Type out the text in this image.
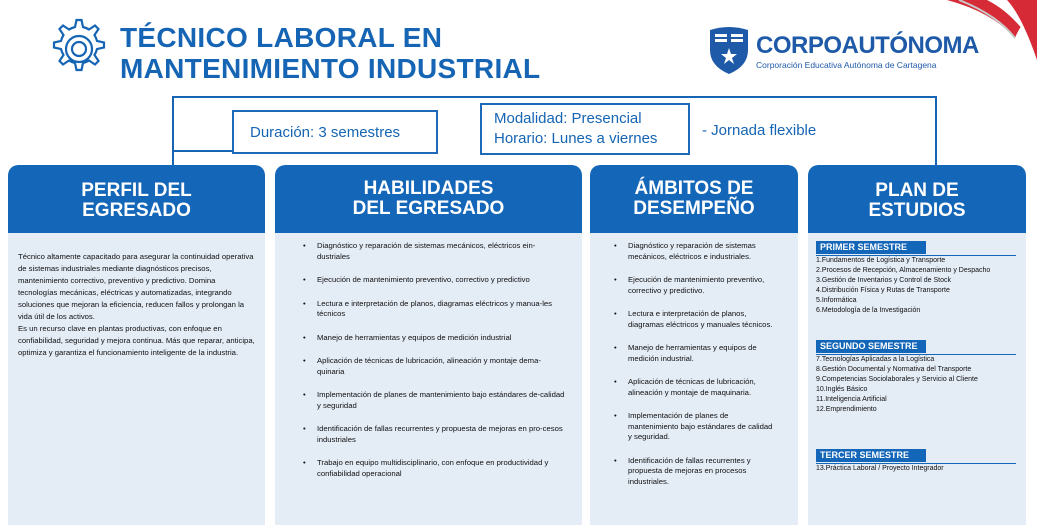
TÉCNICO LABORAL EN
MANTENIMIENTO INDUSTRIAL
CORPOAUTÓNOMA
Corporación Educativa Autónoma de Cartagena
Duración: 3 semestres
Modalidad: Presencial
Horario: Lunes a viernes	- Jornada flexible
PERFIL DEL
EGRESADO
Técnico altamente capacitado para asegurar la continuidad operativa de sistemas industriales mediante diagnósticos precisos, mantenimiento correctivo, preventivo y predictivo. Domina tecnologías mecánicas, eléctricas y automatizadas, integrando soluciones que mejoran la eficiencia, reducen fallos y prolongan la vida útil de los activos.
Es un recurso clave en plantas productivas, con enfoque en confiabilidad, seguridad y mejora continua. Más que reparar, anticipa, optimiza y garantiza el funcionamiento inteligente de la industria.
HABILIDADES
DEL EGRESADO
• Diagnóstico y reparación de sistemas mecánicos, eléctricos ein-dustriales
• Ejecución de mantenimiento preventivo, correctivo y predictivo
• Lectura e interpretación de planos, diagramas eléctricos y manua-les técnicos
• Manejo de herramientas y equipos de medición industrial
• Aplicación de técnicas de lubricación, alineación y montaje dema-quinaria
• Implementación de planes de mantenimiento bajo estándares de-calidad y seguridad
• Identificación de fallas recurrentes y propuesta de mejoras en pro-cesos industriales
• Trabajo en equipo multidisciplinario, con enfoque en productividad y confiabilidad operacional
ÁMBITOS DE
DESEMPEÑO
• Diagnóstico y reparación de sistemas mecánicos, eléctricos e industriales.
• Ejecución de mantenimiento preventivo, correctivo y predictivo.
• Lectura e interpretación de planos, diagramas eléctricos y manuales técnicos.
• Manejo de herramientas y equipos de medición industrial.
• Aplicación de técnicas de lubricación, alineación y montaje de maquinaria.
• Implementación de planes de mantenimiento bajo estándares de calidad y seguridad.
• Identificación de fallas recurrentes y propuesta de mejoras en procesos industriales.
PLAN DE
ESTUDIOS
PRIMER SEMESTRE
1.Fundamentos de Logística y Transporte
2.Procesos de Recepción, Almacenamiento y Despacho
3.Gestión de Inventarios y Control de Stock
4.Distribución Física y Rutas de Transporte
5.Informática
6.Metodología de la Investigación
SEGUNDO SEMESTRE
7.Tecnologías Aplicadas a la Logística
8.Gestión Documental y Normativa del Transporte
9.Competencias Sociolaborales y Servicio al Cliente
10.Inglés Básico
11.Inteligencia Artificial
12.Emprendimiento
TERCER SEMESTRE
13.Práctica Laboral / Proyecto Integrador
